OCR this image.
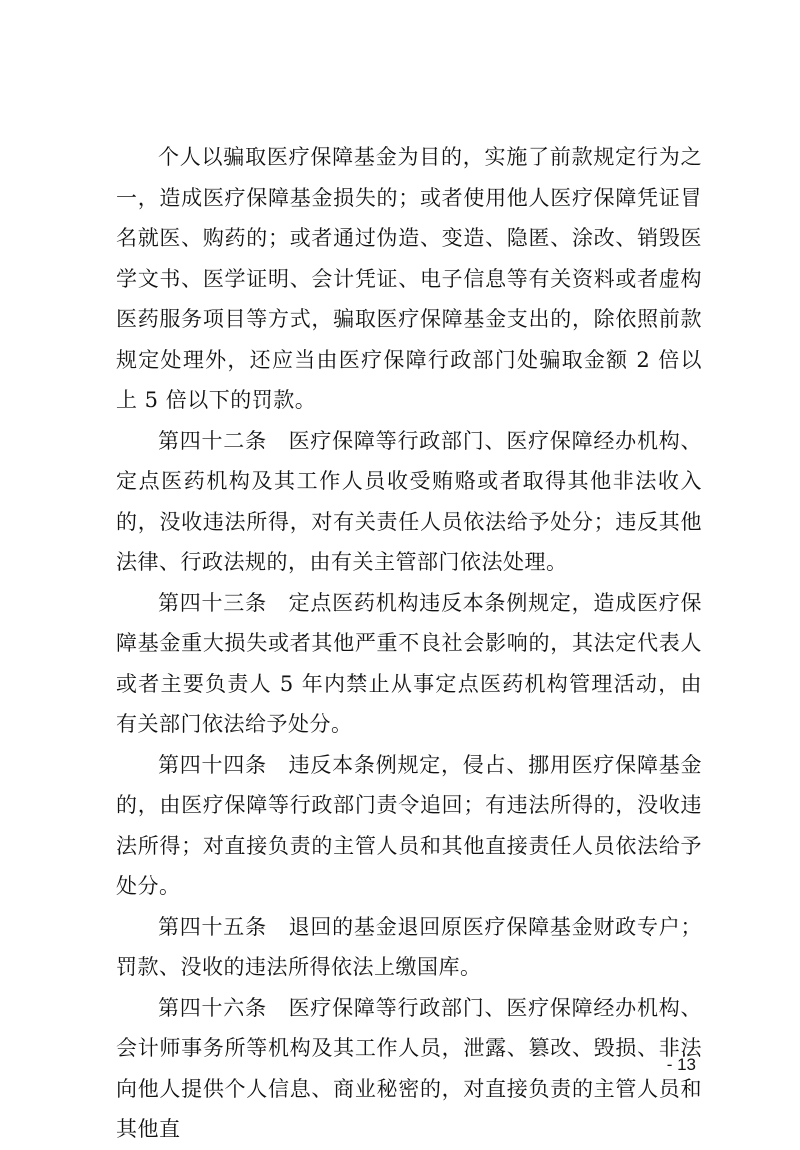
个人以骗取医疗保障基金为目的，实施了前款规定行为之一，造成医疗保障基金损失的；或者使用他人医疗保障凭证冒名就医、购药的；或者通过伪造、变造、隐匿、涂改、销毁医学文书、医学证明、会计凭证、电子信息等有关资料或者虚构医药服务项目等方式，骗取医疗保障基金支出的，除依照前款规定处理外，还应当由医疗保障行政部门处骗取金额 2 倍以上 5 倍以下的罚款。

第四十二条　医疗保障等行政部门、医疗保障经办机构、定点医药机构及其工作人员收受贿赂或者取得其他非法收入的，没收违法所得，对有关责任人员依法给予处分；违反其他法律、行政法规的，由有关主管部门依法处理。

第四十三条　定点医药机构违反本条例规定，造成医疗保障基金重大损失或者其他严重不良社会影响的，其法定代表人或者主要负责人 5 年内禁止从事定点医药机构管理活动，由有关部门依法给予处分。

第四十四条　违反本条例规定，侵占、挪用医疗保障基金的，由医疗保障等行政部门责令追回；有违法所得的，没收违法所得；对直接负责的主管人员和其他直接责任人员依法给予处分。

第四十五条　退回的基金退回原医疗保障基金财政专户；罚款、没收的违法所得依法上缴国库。

第四十六条　医疗保障等行政部门、医疗保障经办机构、会计师事务所等机构及其工作人员，泄露、篡改、毁损、非法向他人提供个人信息、商业秘密的，对直接负责的主管人员和其他直

- 13
